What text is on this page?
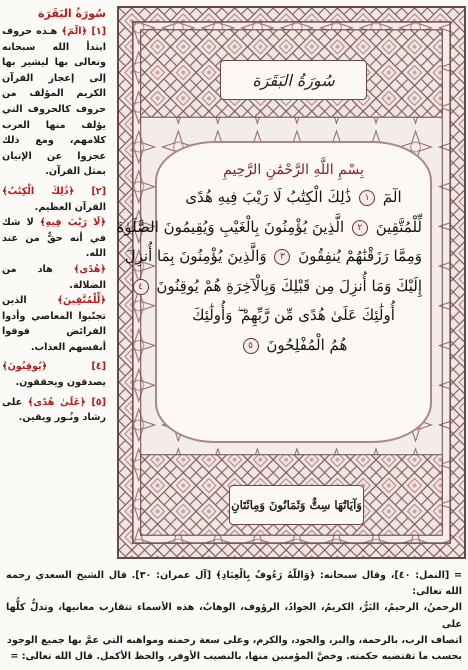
سُورَةُ البَقَرَة

[١] ﴿الٓمٓ﴾ هـذه حروف ابتدأ الله سبحانه وتعالى بها ليشير بها إلى إعجاز القرآن الكريم المؤلف من حروف كالحروف التي يؤلف منها العرب كلامهم، ومع ذلك عجزوا عن الإتيان بمثل القرآن.

[٢] ﴿ذَٰلِكَ الْكِتَٰبُ﴾ القرآن العظيم.

﴿لَا رَيْبَ فِيهِ﴾ لا شك في أنه حقٌّ من عند الله.

﴿هُدًى﴾ هاد من الضلالة.

﴿لِّلْمُتَّقِينَ﴾ الذين تجنّبوا المعاصي وأدوا الفرائض فوقوا أنفسهم العذاب.

[٤] ﴿يُوقِنُونَ﴾ يصدقون ويحققون.

[٥] ﴿عَلَىٰ هُدًى﴾ على رشاد ونُـور ويقين.

سُورَةُ البَقَرَة
بِسْمِ اللَّهِ الرَّحْمَٰنِ الرَّحِيمِ
الٓمٓ ١ ذَٰلِكَ الْكِتَٰبُ لَا رَيْبَ فِيهِ هُدًى
لِّلْمُتَّقِينَ ٢ الَّذِينَ يُؤْمِنُونَ بِالْغَيْبِ وَيُقِيمُونَ الصَّلَوٰةَ
وَمِمَّا رَزَقْنَٰهُمْ يُنفِقُونَ ٣ وَالَّذِينَ يُؤْمِنُونَ بِمَا أُنزِلَ
إِلَيْكَ وَمَا أُنزِلَ مِن قَبْلِكَ وَبِالْآخِرَةِ هُمْ يُوقِنُونَ ٤
أُولَٰئِكَ عَلَىٰ هُدًى مِّن رَّبِّهِمْ ۖ وَأُولَٰئِكَ
هُمُ الْمُفْلِحُونَ ٥
وَآيَاتُهَا سِتٌّ وَثَمَانُونَ وَمِائَتَانِ
= [النمل: ٤٠]، وقال سبحانه: ﴿وَاللَّهُ رَءُوفٌ بِالْعِبَادِ﴾ [آل عمران: ٣٠]. قال الشيخ السعدي رحمه الله تعالى:
الرحمنُ، الرحيمُ، البَرُّ، الكريمُ، الجوادُ، الرؤوف، الوهابُ، هذه الأسماء تتقارب معانيها، وتدلُّ كلُّها على
اتصاف الرب، بالرحمة، والبر، والجود، والكرم، وعلى سعة رحمته ومواهبه التي عمَّ بها جميع الوجود
بحسب ما تقتضيه حكمته. وخصَّ المؤمنين منها، بالنصيب الأوفر، والحظ الأكمل. قال الله تعالى: =
